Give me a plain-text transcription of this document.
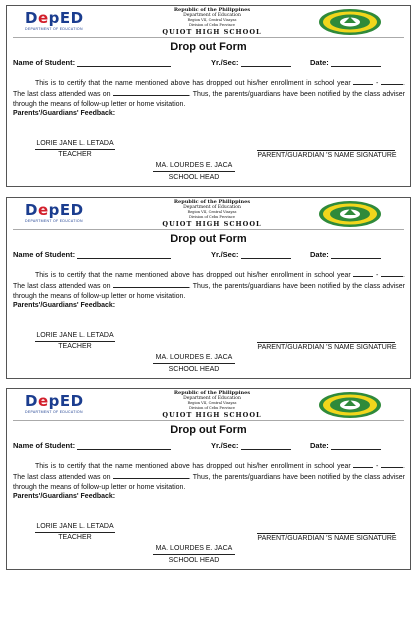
DepED
DEPARTMENT OF EDUCATION
Republic of the Philippines
Department of Education
Region VII, Central Visayas
Division of Cebu Province
QUIOT HIGH SCHOOL
Drop out Form
Name of Student:	Yr./Sec:	Date:
This is to certify that the name mentioned above has dropped out his/her enrollment in school year	-	. The last class attended was on	. Thus, the parents/guardians have been notified by the class adviser through the means of follow-up letter or home visitation.
Parents'/Guardians' Feedback:
LORIE JANE L. LETADA
TEACHER	PARENT/GUARDIAN 'S NAME SIGNATURE
MA. LOURDES E. JACA
SCHOOL HEAD
DepED
DEPARTMENT OF EDUCATION
Republic of the Philippines
Department of Education
Region VII, Central Visayas
Division of Cebu Province
QUIOT HIGH SCHOOL
Drop out Form
Name of Student:	Yr./Sec:	Date:
This is to certify that the name mentioned above has dropped out his/her enrollment in school year	-	. The last class attended was on	. Thus, the parents/guardians have been notified by the class adviser through the means of follow-up letter or home visitation.
Parents'/Guardians' Feedback:
LORIE JANE L. LETADA
TEACHER	PARENT/GUARDIAN 'S NAME SIGNATURE
MA. LOURDES E. JACA
SCHOOL HEAD
DepED
DEPARTMENT OF EDUCATION
Republic of the Philippines
Department of Education
Region VII, Central Visayas
Division of Cebu Province
QUIOT HIGH SCHOOL
Drop out Form
Name of Student:	Yr./Sec:	Date:
This is to certify that the name mentioned above has dropped out his/her enrollment in school year	-	. The last class attended was on	. Thus, the parents/guardians have been notified by the class adviser through the means of follow-up letter or home visitation.
Parents'/Guardians' Feedback:
LORIE JANE L. LETADA
TEACHER	PARENT/GUARDIAN 'S NAME SIGNATURE
MA. LOURDES E. JACA
SCHOOL HEAD
